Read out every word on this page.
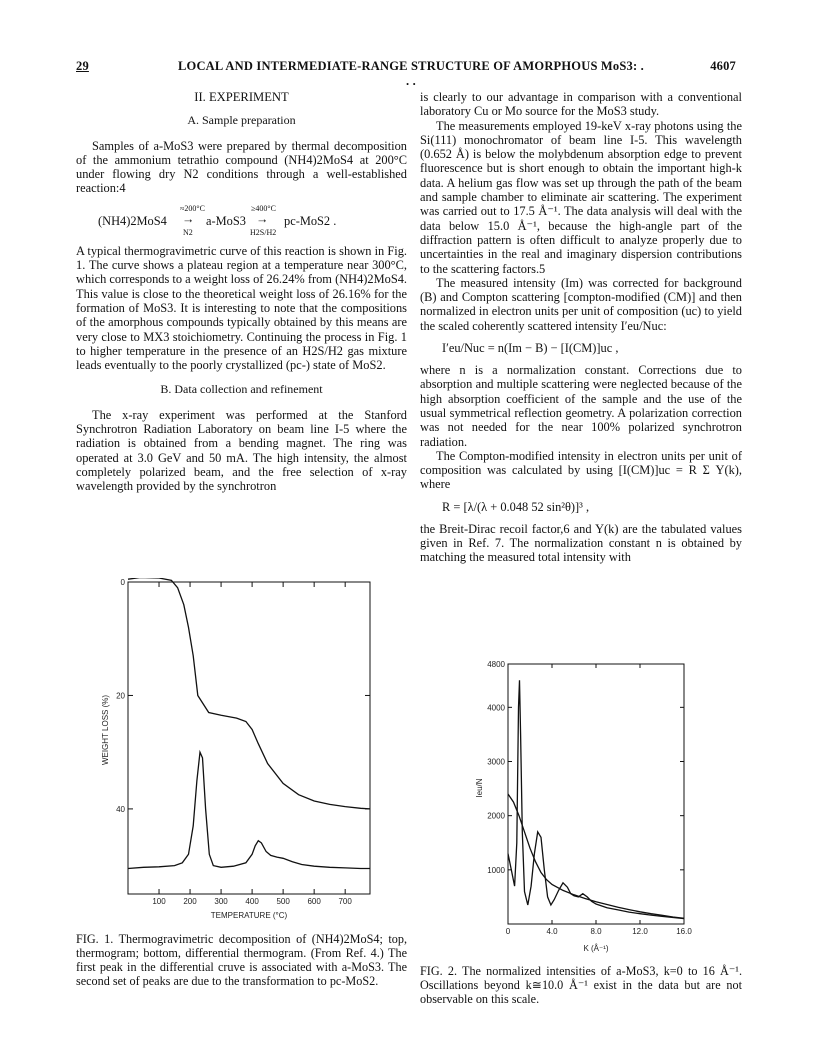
29	LOCAL AND INTERMEDIATE-RANGE STRUCTURE OF AMORPHOUS MoS3: . . .
4607
II. EXPERIMENT
A. Sample preparation

Samples of a-MoS3 were prepared by thermal decomposition of the ammonium tetrathio compound (NH4)2MoS4 at 200°C under flowing dry N2 conditions through a well-established reaction:4

(NH4)2MoS4
≈200°C
→
N2
a-MoS3
≥400°C
→
H2S/H2
pc-MoS2 .

A typical thermogravimetric curve of this reaction is shown in Fig. 1. The curve shows a plateau region at a temperature near 300°C, which corresponds to a weight loss of 26.24% from (NH4)2MoS4. This value is close to the theoretical weight loss of 26.16% for the formation of MoS3. It is interesting to note that the compositions of the amorphous compounds typically obtained by this means are very close to MX3 stoichiometry. Continuing the process in Fig. 1 to higher temperature in the presence of an H2S/H2 gas mixture leads eventually to the poorly crystallized (pc-) state of MoS2.

B. Data collection and refinement

The x-ray experiment was performed at the Stanford Synchrotron Radiation Laboratory on beam line I-5 where the radiation is obtained from a bending magnet. The ring was operated at 3.0 GeV and 50 mA. The high intensity, the almost completely polarized beam, and the free selection of x-ray wavelength provided by the synchrotron

is clearly to our advantage in comparison with a conventional laboratory Cu or Mo source for the MoS3 study.

The measurements employed 19-keV x-ray photons using the Si(111) monochromator of beam line I-5. This wavelength (0.652 Å) is below the molybdenum absorption edge to prevent fluorescence but is short enough to obtain the important high-k data. A helium gas flow was set up through the path of the beam and sample chamber to eliminate air scattering. The experiment was carried out to 17.5 Å⁻¹. The data analysis will deal with the data below 15.0 Å⁻¹, because the high-angle part of the diffraction pattern is often difficult to analyze properly due to uncertainties in the real and imaginary dispersion contributions to the scattering factors.5

The measured intensity (Im) was corrected for background (B) and Compton scattering [compton-modified (CM)] and then normalized in electron units per unit of composition (uc) to yield the scaled coherently scattered intensity I′eu/Nuc:

I′eu/Nuc = n(Im − B) − [I(CM)]uc ,

where n is a normalization constant. Corrections due to absorption and multiple scattering were neglected because of the high absorption coefficient of the sample and the use of the usual symmetrical reflection geometry. A polarization correction was not needed for the near 100% polarized synchrotron radiation.

The Compton-modified intensity in electron units per unit of composition was calculated by using [I(CM)]uc = R Σ Y(k), where

R = [λ/(λ + 0.048 52 sin²θ)]³ ,

the Breit-Dirac recoil factor,6 and Y(k) are the tabulated values given in Ref. 7. The normalization constant n is obtained by matching the measured total intensity with

100 200 300 400 500 600 700
0
20
40
TEMPERATURE (°C)
WEIGHT LOSS (%)
FIG. 1. Thermogravimetric decomposition of (NH4)2MoS4; top, thermogram; bottom, differential thermogram. (From Ref. 4.) The first peak in the differential cruve is associated with a-MoS3. The second set of peaks are due to the transformation to pc-MoS2.
0	4.0	8.0	12.0	16.0
1000
2000
3000
4000
4800
K (Å⁻¹)
Ieu/N
FIG. 2. The normalized intensities of a-MoS3, k=0 to 16 Å⁻¹. Oscillations beyond k≅10.0 Å⁻¹ exist in the data but are not observable on this scale.
